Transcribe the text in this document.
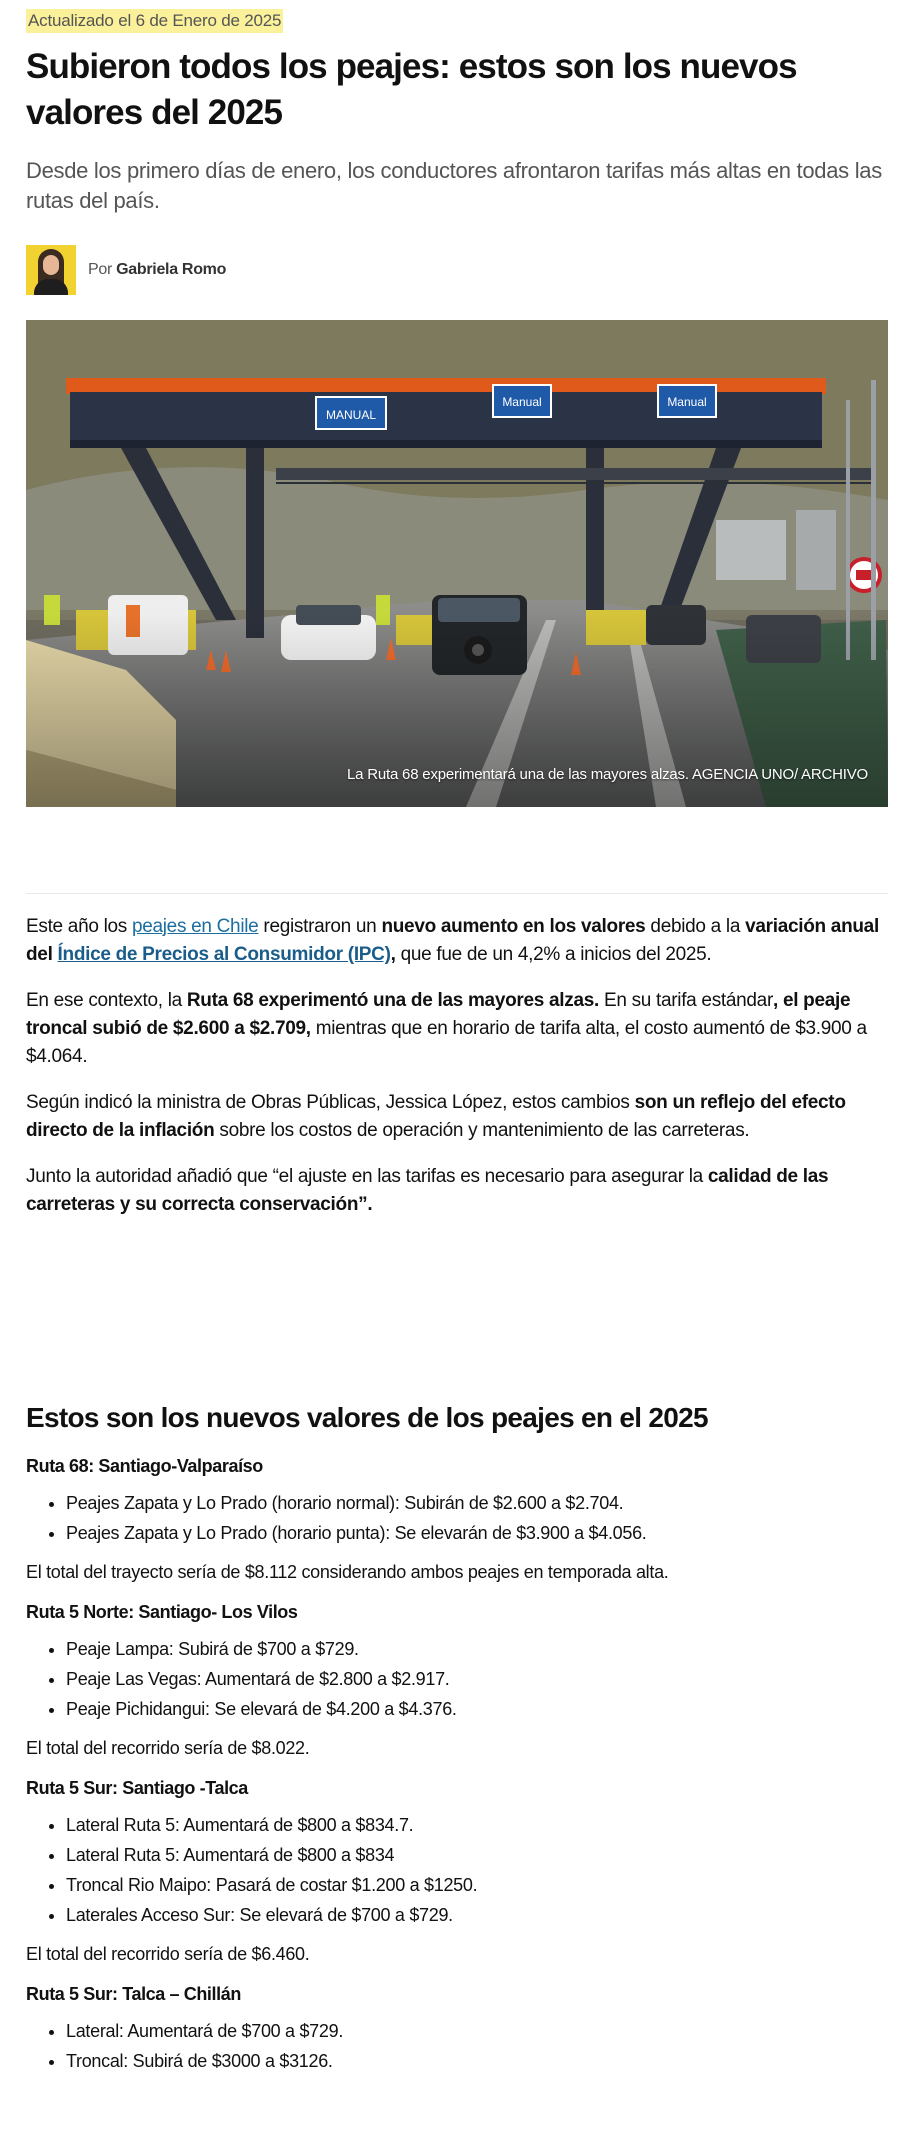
Actualizado el 6 de Enero de 2025
Subieron todos los peajes: estos son los nuevos valores del 2025

Desde los primero días de enero, los conductores afrontaron tarifas más altas en todas las rutas del país.

Por Gabriela Romo
La Ruta 68 experimentará una de las mayores alzas. AGENCIA UNO/ ARCHIVO

Este año los peajes en Chile registraron un nuevo aumento en los valores debido a la variación anual del Índice de Precios al Consumidor (IPC), que fue de un 4,2% a inicios del 2025.

En ese contexto, la Ruta 68 experimentó una de las mayores alzas. En su tarifa estándar, el peaje troncal subió de $2.600 a $2.709, mientras que en horario de tarifa alta, el costo aumentó de $3.900 a $4.064.

Según indicó la ministra de Obras Públicas, Jessica López, estos cambios son un reflejo del efecto directo de la inflación sobre los costos de operación y mantenimiento de las carreteras.

Junto la autoridad añadió que “el ajuste en las tarifas es necesario para asegurar la calidad de las carreteras y su correcta conservación”.

Estos son los nuevos valores de los peajes en el 2025
Ruta 68: Santiago-Valparaíso
• Peajes Zapata y Lo Prado (horario normal): Subirán de $2.600 a $2.704.
• Peajes Zapata y Lo Prado (horario punta): Se elevarán de $3.900 a $4.056.

El total del trayecto sería de $8.112 considerando ambos peajes en temporada alta.

Ruta 5 Norte: Santiago- Los Vilos
• Peaje Lampa: Subirá de $700 a $729.
• Peaje Las Vegas: Aumentará de $2.800 a $2.917.
• Peaje Pichidangui: Se elevará de $4.200 a $4.376.

El total del recorrido sería de $8.022.

Ruta 5 Sur: Santiago -Talca
• Lateral Ruta 5: Aumentará de $800 a $834.7.
• Lateral Ruta 5: Aumentará de $800 a $834
• Troncal Rio Maipo: Pasará de costar $1.200 a $1250.
• Laterales Acceso Sur: Se elevará de $700 a $729.

El total del recorrido sería de $6.460.

Ruta 5 Sur: Talca – Chillán
• Lateral: Aumentará de $700 a $729.
• Troncal: Subirá de $3000 a $3126.
